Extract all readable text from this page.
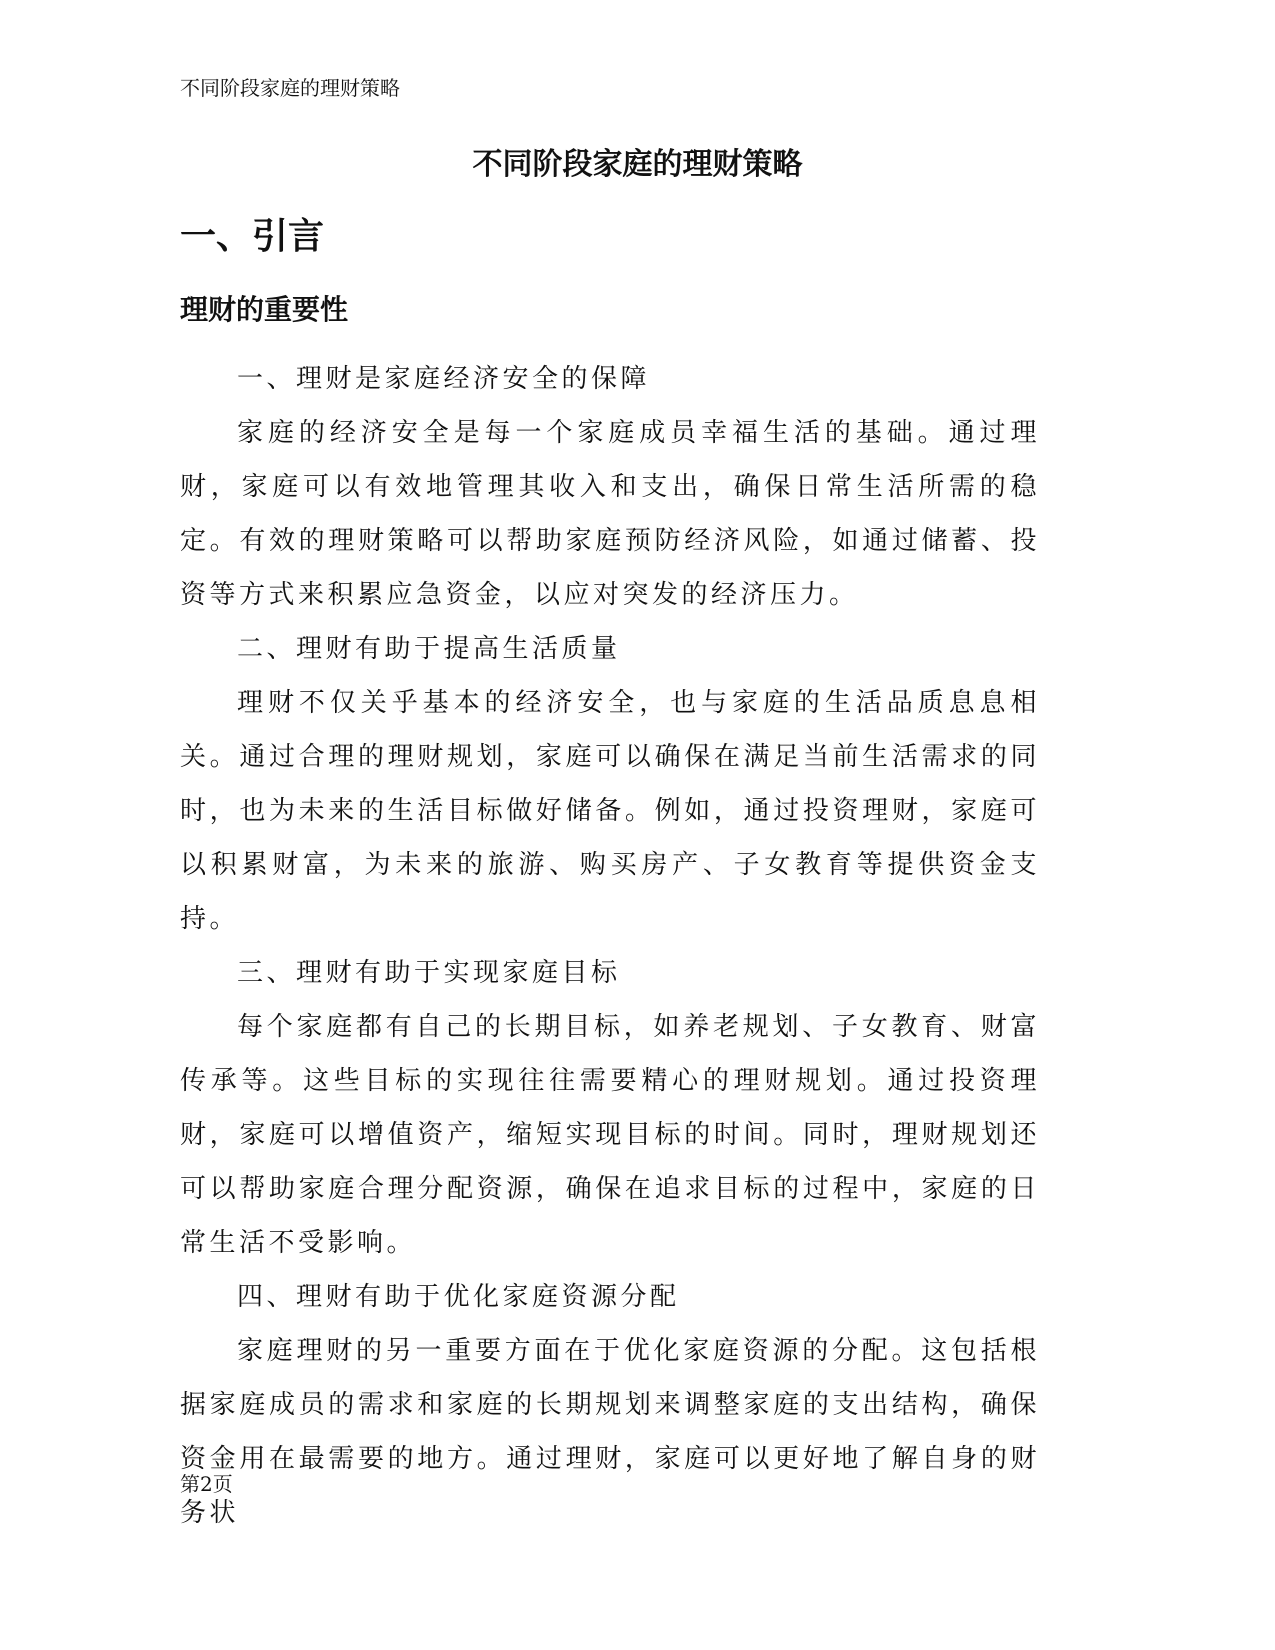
不同阶段家庭的理财策略
不同阶段家庭的理财策略
一、引言
理财的重要性

一、理财是家庭经济安全的保障

家庭的经济安全是每一个家庭成员幸福生活的基础。通过理财，家庭可以有效地管理其收入和支出，确保日常生活所需的稳定。有效的理财策略可以帮助家庭预防经济风险，如通过储蓄、投资等方式来积累应急资金，以应对突发的经济压力。

二、理财有助于提高生活质量

理财不仅关乎基本的经济安全，也与家庭的生活品质息息相关。通过合理的理财规划，家庭可以确保在满足当前生活需求的同时，也为未来的生活目标做好储备。例如，通过投资理财，家庭可以积累财富，为未来的旅游、购买房产、子女教育等提供资金支持。

三、理财有助于实现家庭目标

每个家庭都有自己的长期目标，如养老规划、子女教育、财富传承等。这些目标的实现往往需要精心的理财规划。通过投资理财，家庭可以增值资产，缩短实现目标的时间。同时，理财规划还可以帮助家庭合理分配资源，确保在追求目标的过程中，家庭的日常生活不受影响。

四、理财有助于优化家庭资源分配

家庭理财的另一重要方面在于优化家庭资源的分配。这包括根据家庭成员的需求和家庭的长期规划来调整家庭的支出结构，确保资金用在最需要的地方。通过理财，家庭可以更好地了解自身的财务状

第2页
